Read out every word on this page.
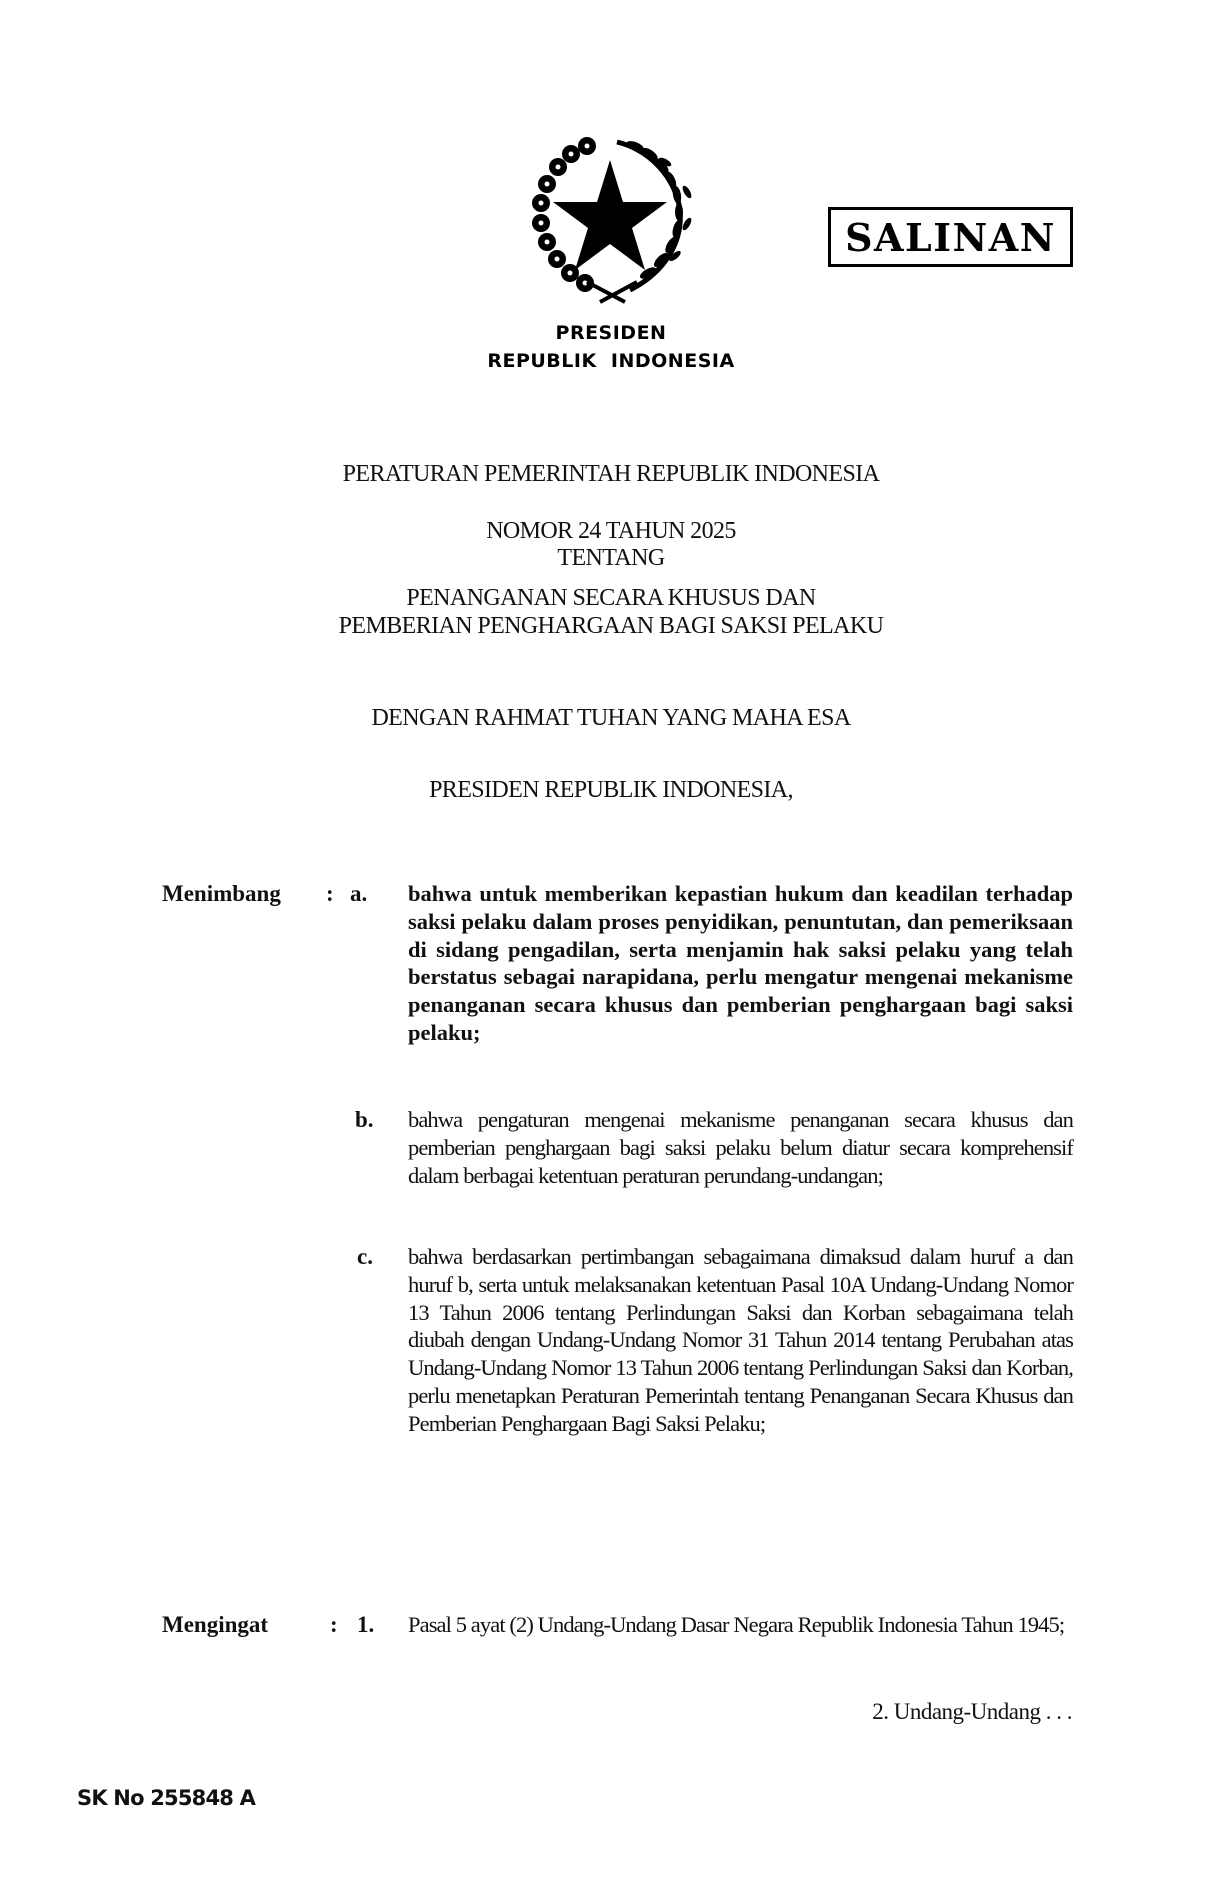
PRESIDEN
REPUBLIK  INDONESIA
SALINAN
PERATURAN PEMERINTAH REPUBLIK INDONESIA
NOMOR 24 TAHUN 2025
TENTANG
PENANGANAN SECARA KHUSUS DAN
PEMBERIAN PENGHARGAAN BAGI SAKSI PELAKU
DENGAN RAHMAT TUHAN YANG MAHA ESA
PRESIDEN REPUBLIK INDONESIA,
Menimbang : a. bahwa untuk memberikan kepastian hukum dan keadilan terhadap saksi pelaku dalam proses penyidikan, penuntutan, dan pemeriksaan di sidang pengadilan, serta menjamin hak saksi pelaku yang telah berstatus sebagai narapidana, perlu mengatur mengenai mekanisme penanganan secara khusus dan pemberian penghargaan bagi saksi pelaku;
b. bahwa pengaturan mengenai mekanisme penanganan secara khusus dan pemberian penghargaan bagi saksi pelaku belum diatur secara komprehensif dalam berbagai ketentuan peraturan perundang-undangan;
c. bahwa berdasarkan pertimbangan sebagaimana dimaksud dalam huruf a dan huruf b, serta untuk melaksanakan ketentuan Pasal 10A Undang-Undang Nomor 13 Tahun 2006 tentang Perlindungan Saksi dan Korban sebagaimana telah diubah dengan Undang-Undang Nomor 31 Tahun 2014 tentang Perubahan atas Undang-Undang Nomor 13 Tahun 2006 tentang Perlindungan Saksi dan Korban, perlu menetapkan Peraturan Pemerintah tentang Penanganan Secara Khusus dan Pemberian Penghargaan Bagi Saksi Pelaku;
Mengingat	: 1. Pasal 5 ayat (2) Undang-Undang Dasar Negara Republik Indonesia Tahun 1945;
2. Undang-Undang . . .
SK No 255848 A
